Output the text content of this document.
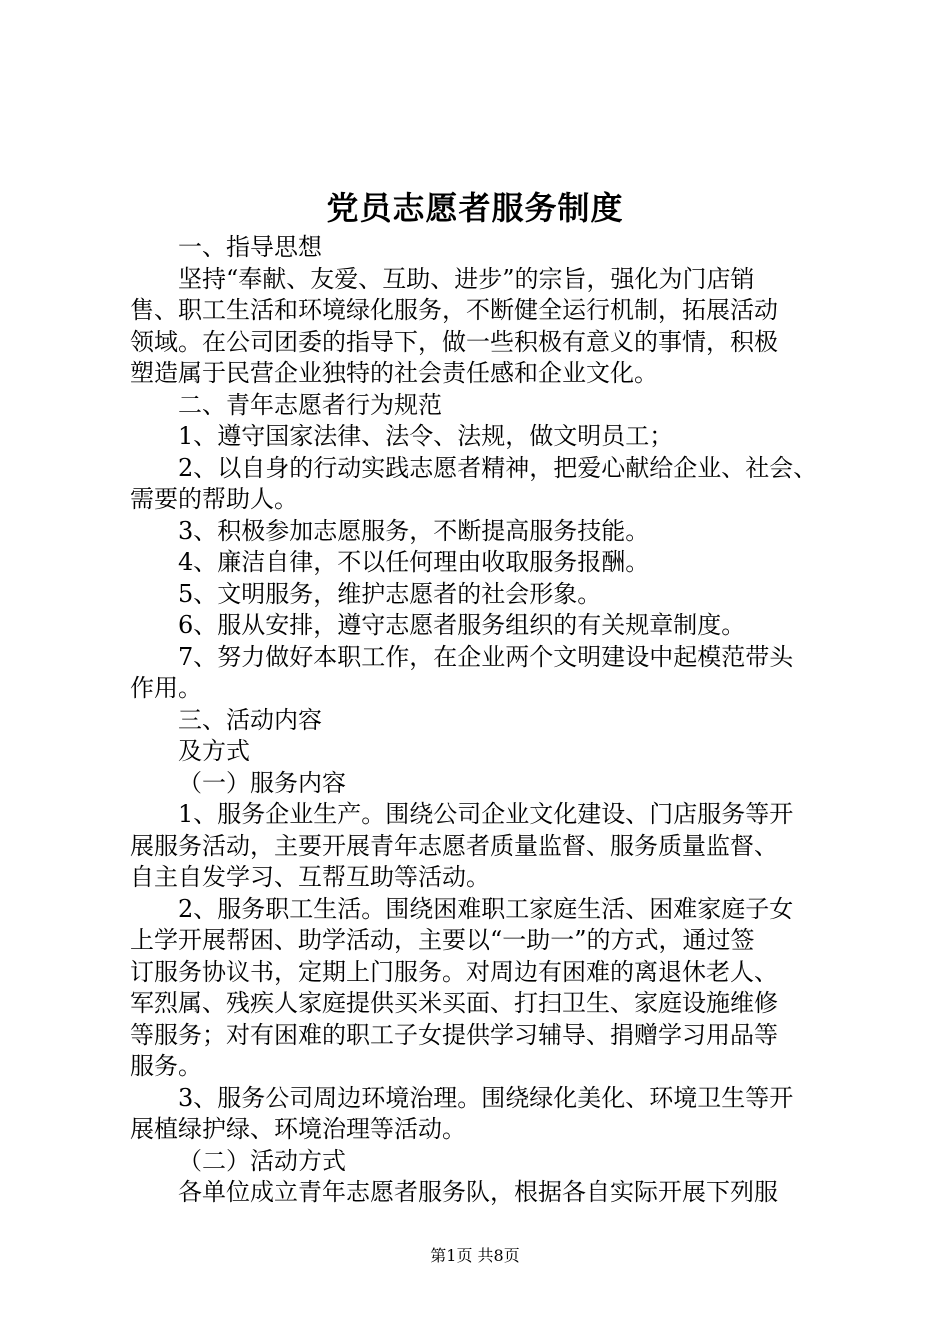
党员志愿者服务制度

一、指导思想

坚持“奉献、友爱、互助、进步”的宗旨，强化为门店销

售、职工生活和环境绿化服务，不断健全运行机制，拓展活动

领域。在公司团委的指导下，做一些积极有意义的事情，积极

塑造属于民营企业独特的社会责任感和企业文化。

二、青年志愿者行为规范

1、遵守国家法律、法令、法规，做文明员工；

2、以自身的行动实践志愿者精神，把爱心献给企业、社会、

需要的帮助人。

3、积极参加志愿服务，不断提高服务技能。

4、廉洁自律，不以任何理由收取服务报酬。

5、文明服务，维护志愿者的社会形象。

6、服从安排，遵守志愿者服务组织的有关规章制度。

7、努力做好本职工作，在企业两个文明建设中起模范带头

作用。

三、活动内容

及方式

（一）服务内容

1、服务企业生产。围绕公司企业文化建设、门店服务等开

展服务活动，主要开展青年志愿者质量监督、服务质量监督、

自主自发学习、互帮互助等活动。

2、服务职工生活。围绕困难职工家庭生活、困难家庭子女

上学开展帮困、助学活动，主要以“一助一”的方式，通过签

订服务协议书，定期上门服务。对周边有困难的离退休老人、

军烈属、残疾人家庭提供买米买面、打扫卫生、家庭设施维修

等服务；对有困难的职工子女提供学习辅导、捐赠学习用品等

服务。

3、服务公司周边环境治理。围绕绿化美化、环境卫生等开

展植绿护绿、环境治理等活动。

（二）活动方式

各单位成立青年志愿者服务队，根据各自实际开展下列服

第1页 共8页
